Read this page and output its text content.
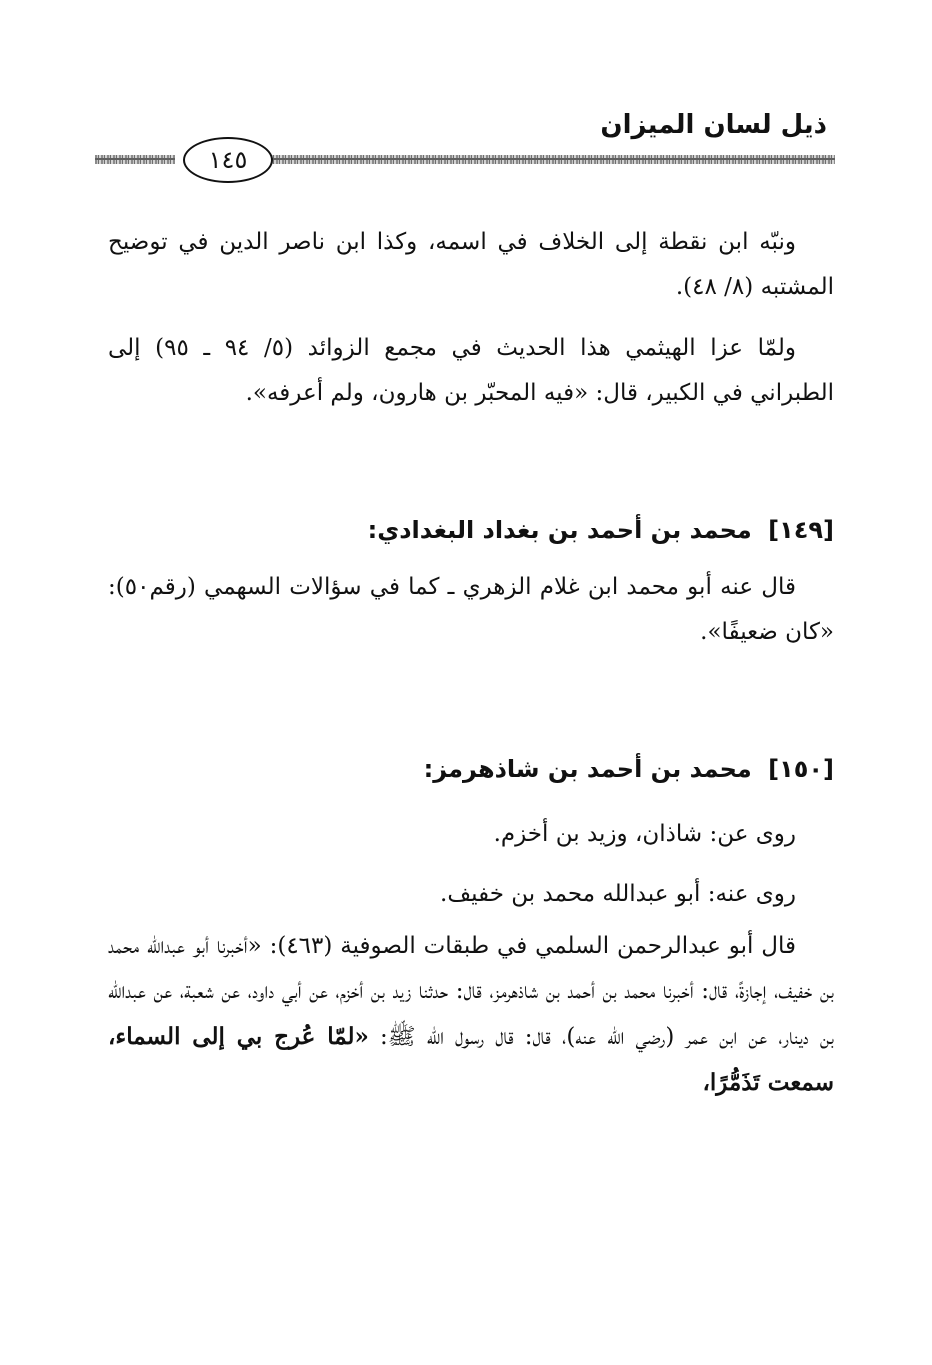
ذيل لسان الميزان
١٤٥

ونبّه ابن نقطة إلى الخلاف في اسمه، وكذا ابن ناصر الدين في توضيح المشتبه (٨/ ٤٨).

ولمّا عزا الهيثمي هذا الحديث في مجمع الزوائد (٥/ ٩٤ ـ ٩٥) إلى الطبراني في الكبير، قال: «فيه المحبّر بن هارون، ولم أعرفه».

[١٤٩] محمد بن أحمد بن بغداد البغدادي:

قال عنه أبو محمد ابن غلام الزهري ـ كما في سؤالات السهمي (رقم٥٠): «كان ضعيفًا».

[١٥٠] محمد بن أحمد بن شاذهرمز:

روى عن: شاذان، وزيد بن أخزم.

روى عنه: أبو عبدالله محمد بن خفيف.

قال أبو عبدالرحمن السلمي في طبقات الصوفية (٤٦٣): «أخبرنا أبو عبدالله محمد بن خفيف، إجازةً، قال: أخبرنا محمد بن أحمد بن شاذهرمز، قال: حدثنا زيد بن أخزم، عن أبي داود، عن شعبة، عن عبدالله بن دينار، عن ابن عمر (رضي الله عنه)، قال: قال رسول الله ﷺ: «لمّا عُرج بي إلى السماء، سمعت تَذَمُّرًا،
